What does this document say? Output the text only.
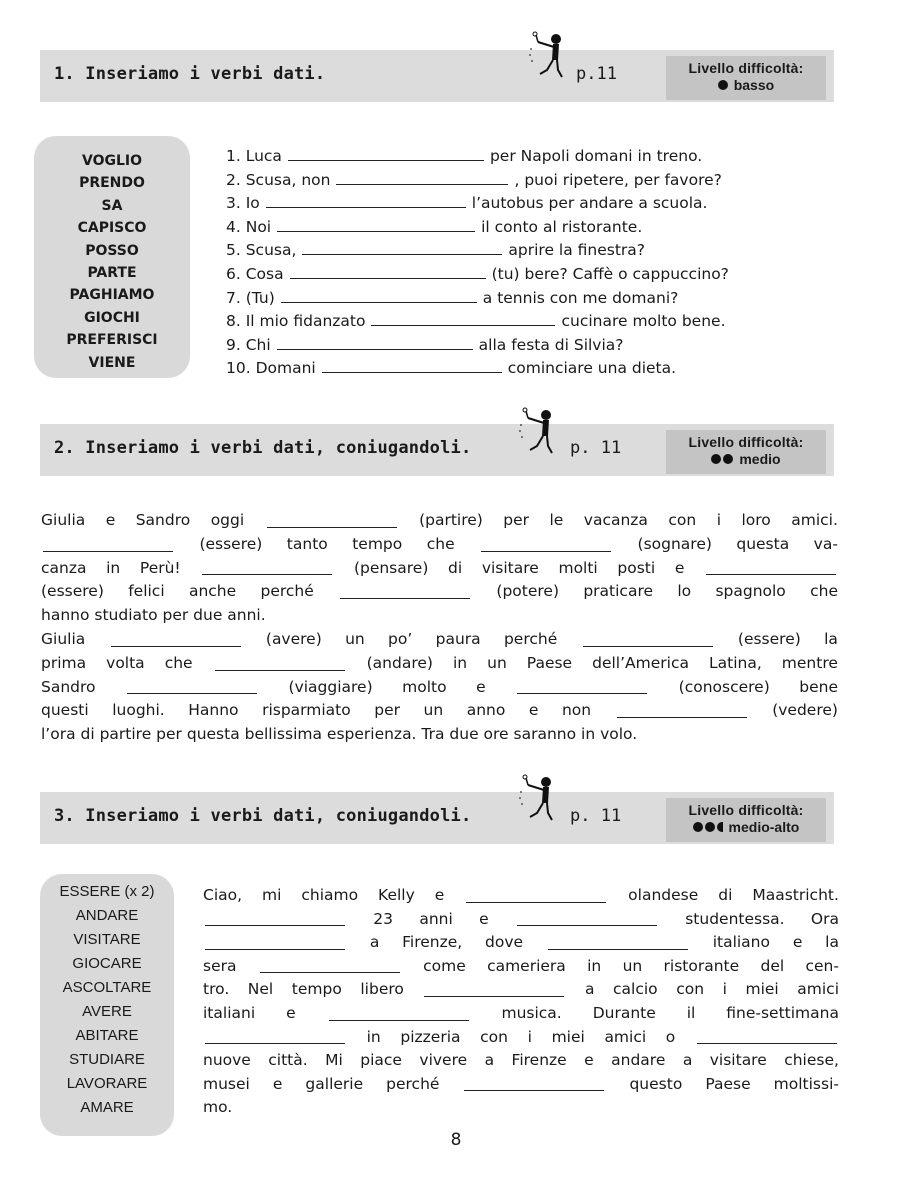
1. Inseriamo i verbi dati.	p.11	Livello difficoltà:
basso
VOGLIO
PRENDO
SA
CAPISCO
POSSO
PARTE
PAGHIAMO
GIOCHI
PREFERISCI
VIENE
1. Luca	per Napoli domani in treno.
2. Scusa, non	, puoi ripetere, per favore?
3. Io	l’autobus per andare a scuola.
4. Noi	il conto al ristorante.
5. Scusa,	aprire la finestra?
6. Cosa	(tu) bere? Caffè o cappuccino?
7. (Tu)	a tennis con me domani?
8. Il mio fidanzato	cucinare molto bene.
9. Chi	alla festa di Silvia?
10. Domani	cominciare una dieta.
2. Inseriamo i verbi dati, coniugandoli.	p. 11	Livello difficoltà:
medio
Giulia e Sandro oggi	(partire) per le vacanza con i loro amici.
(essere) tanto tempo che	(sognare) questa va-
canza in Perù!	(pensare) di visitare molti posti e
(essere) felici anche perché	(potere) praticare lo spagnolo che
hanno studiato per due anni.
Giulia	(avere) un po’ paura perché	(essere) la
prima volta che	(andare) in un Paese dell’America Latina, mentre
Sandro	(viaggiare) molto e	(conoscere) bene
questi luoghi. Hanno risparmiato per un anno e non	(vedere)
l’ora di partire per questa bellissima esperienza. Tra due ore saranno in volo.
3. Inseriamo i verbi dati, coniugandoli.	p. 11	Livello difficoltà:
medio-alto
ESSERE (x 2)
ANDARE
VISITARE
GIOCARE
ASCOLTARE
AVERE
ABITARE
STUDIARE
LAVORARE
AMARE
Ciao, mi chiamo Kelly e	olandese di Maastricht.
23 anni e	studentessa. Ora
a Firenze, dove	italiano e la
sera	come cameriera in un ristorante del cen-
tro. Nel tempo libero	a calcio con i miei amici
italiani e	musica. Durante il fine-settimana
in pizzeria con i miei amici o
nuove città. Mi piace vivere a Firenze e andare a visitare chiese,
musei e gallerie perché	questo Paese moltissi-
mo.
8
